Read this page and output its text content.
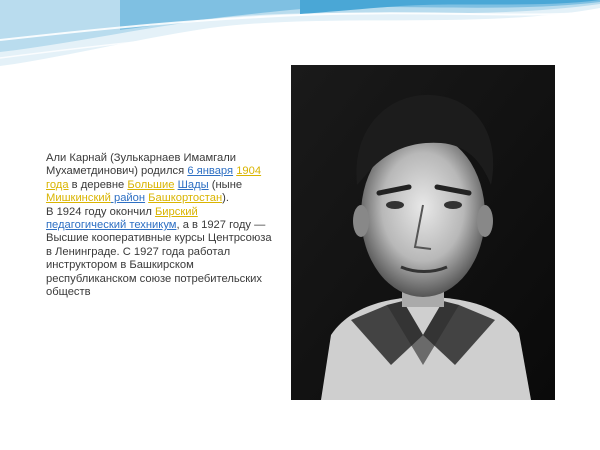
Али Карнай (Зулькарнаев Имамгали Мухаметдинович) родился 6 января 1904 года в деревне Большие Шады (ныне Мишкинский район Башкортостан).

В 1924 году окончил Бирский педагогический техникум, а в 1927 году — Высшие кооперативные курсы Центрсоюза в Ленинграде. С 1927 года работал инструктором в Башкирском республиканском союзе потребительских обществ
